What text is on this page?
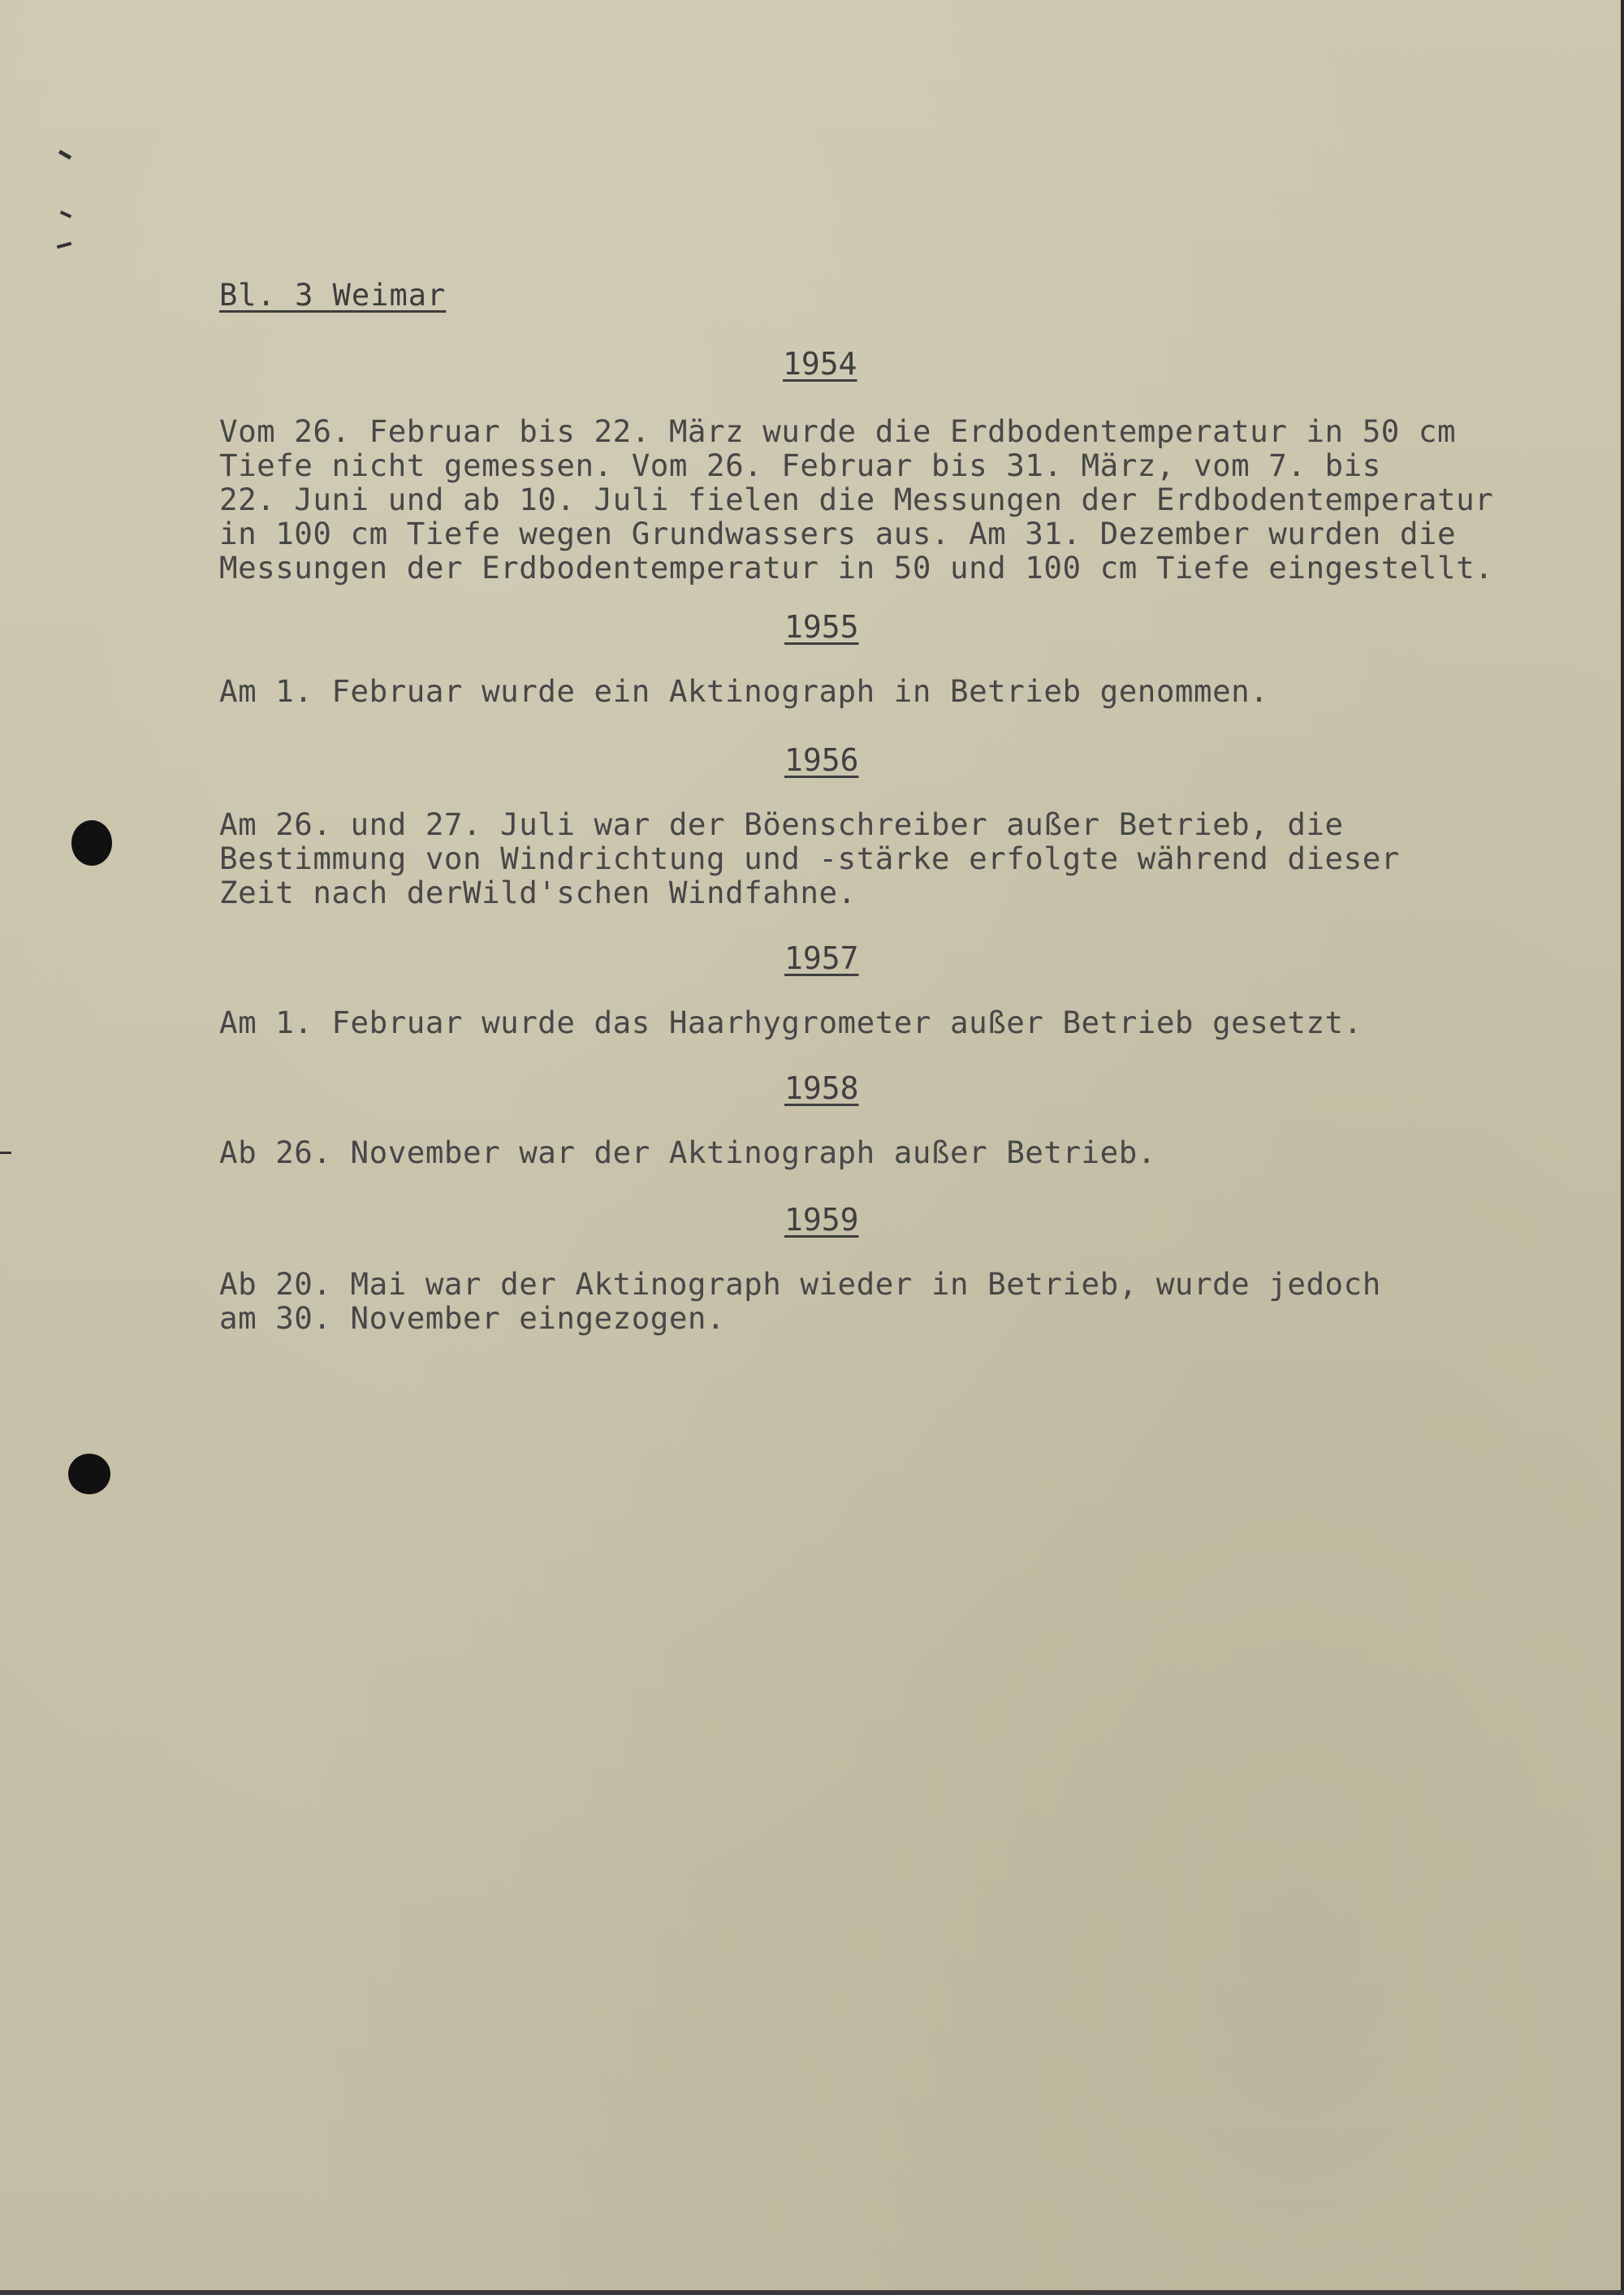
Bl. 3 Weimar
1954
Vom 26. Februar bis 22. März wurde die Erdbodentemperatur in 50 cm
Tiefe nicht gemessen. Vom 26. Februar bis 31. März, vom 7. bis
22. Juni und ab 10. Juli fielen die Messungen der Erdbodentemperatur
in 100 cm Tiefe wegen Grundwassers aus. Am 31. Dezember wurden die
Messungen der Erdbodentemperatur in 50 und 100 cm Tiefe eingestellt.
1955
Am 1. Februar wurde ein Aktinograph in Betrieb genommen.
1956
Am 26. und 27. Juli war der Böenschreiber außer Betrieb, die
Bestimmung von Windrichtung und -stärke erfolgte während dieser
Zeit nach derWild'schen Windfahne.
1957
Am 1. Februar wurde das Haarhygrometer außer Betrieb gesetzt.
1958
Ab 26. November war der Aktinograph außer Betrieb.
1959
Ab 20. Mai war der Aktinograph wieder in Betrieb, wurde jedoch
am 30. November eingezogen.
